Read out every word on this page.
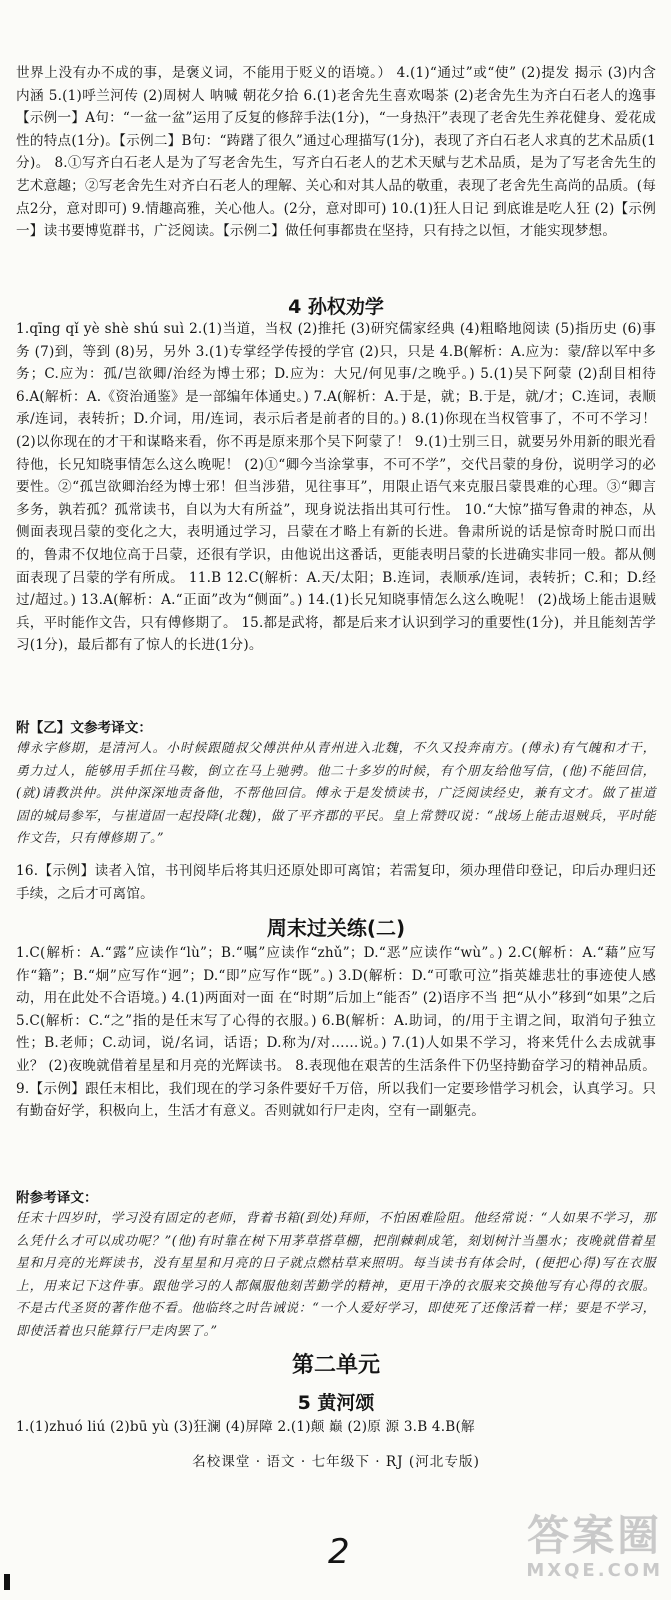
世界上没有办不成的事，是褒义词，不能用于贬义的语境。） 4.(1)“通过”或“使” (2)提发 揭示 (3)内含 内涵 5.(1)呼兰河传 (2)周树人 呐喊 朝花夕拾 6.(1)老舍先生喜欢喝茶 (2)老舍先生为齐白石老人的逸事 【示例一】A句：“一盆一盆”运用了反复的修辞手法(1分)，“一身热汗”表现了老舍先生养花健身、爱花成性的特点(1分)。【示例二】B句：“踌躇了很久”通过心理描写(1分)，表现了齐白石老人求真的艺术品质(1分)。 8.①写齐白石老人是为了写老舍先生，写齐白石老人的艺术天赋与艺术品质，是为了写老舍先生的艺术意趣；②写老舍先生对齐白石老人的理解、关心和对其人品的敬重，表现了老舍先生高尚的品质。(每点2分，意对即可) 9.情趣高雅，关心他人。(2分，意对即可) 10.(1)狂人日记 到底谁是吃人狂 (2)【示例一】读书要博览群书，广泛阅读。【示例二】做任何事都贵在坚持，只有持之以恒，才能实现梦想。

4 孙权劝学

1.qīng qǐ yè shè shú suì 2.(1)当道，当权 (2)推托 (3)研究儒家经典 (4)粗略地阅读 (5)指历史 (6)事务 (7)到，等到 (8)另，另外 3.(1)专掌经学传授的学官 (2)只，只是 4.B(解析：A.应为：蒙/辞以军中多务；C.应为：孤/岂欲卿/治经为博士邪；D.应为：大兄/何见事/之晚乎。) 5.(1)吴下阿蒙 (2)刮目相待 6.A(解析：A.《资治通鉴》是一部编年体通史。) 7.A(解析：A.于是，就；B.于是，就/才；C.连词，表顺承/连词，表转折；D.介词，用/连词，表示后者是前者的目的。) 8.(1)你现在当权管事了，不可不学习！ (2)以你现在的才干和谋略来看，你不再是原来那个吴下阿蒙了！ 9.(1)士别三日，就要另外用新的眼光看待他，长兄知晓事情怎么这么晚呢！ (2)①“卿今当涂掌事，不可不学”，交代吕蒙的身份，说明学习的必要性。②“孤岂欲卿治经为博士邪！但当涉猎，见往事耳”，用限止语气来克服吕蒙畏难的心理。③“卿言多务，孰若孤？孤常读书，自以为大有所益”，现身说法指出其可行性。 10.“大惊”描写鲁肃的神态，从侧面表现吕蒙的变化之大，表明通过学习，吕蒙在才略上有新的长进。鲁肃所说的话是惊奇时脱口而出的，鲁肃不仅地位高于吕蒙，还很有学识，由他说出这番话，更能表明吕蒙的长进确实非同一般。都从侧面表现了吕蒙的学有所成。 11.B 12.C(解析：A.天/太阳；B.连词，表顺承/连词，表转折；C.和；D.经过/超过。) 13.A(解析：A.“正面”改为“侧面”。) 14.(1)长兄知晓事情怎么这么晚呢！ (2)战场上能击退贼兵，平时能作文告，只有傅修期了。 15.都是武将，都是后来才认识到学习的重要性(1分)，并且能刻苦学习(1分)，最后都有了惊人的长进(1分)。

附【乙】文参考译文：

傅永字修期，是清河人。小时候跟随叔父傅洪仲从青州进入北魏，不久又投奔南方。(傅永)有气魄和才干，勇力过人，能够用手抓住马鞍，倒立在马上驰骋。他二十多岁的时候，有个朋友给他写信，(他)不能回信，(就)请教洪仲。洪仲深深地责备他，不帮他回信。傅永于是发愤读书，广泛阅读经史，兼有文才。做了崔道固的城局参军，与崔道固一起投降(北魏)，做了平齐郡的平民。皇上常赞叹说：“战场上能击退贼兵，平时能作文告，只有傅修期了。”

16.【示例】读者入馆，书刊阅毕后将其归还原处即可离馆；若需复印，须办理借印登记，印后办理归还手续，之后才可离馆。

周末过关练(二)

1.C(解析：A.“露”应读作“lù”；B.“嘱”应读作“zhǔ”；D.“恶”应读作“wù”。) 2.C(解析：A.“藉”应写作“籍”；B.“炯”应写作“迥”；D.“即”应写作“既”。) 3.D(解析：D.“可歌可泣”指英雄悲壮的事迹使人感动，用在此处不合语境。) 4.(1)两面对一面 在“时期”后加上“能否” (2)语序不当 把“从小”移到“如果”之后 5.C(解析：C.“之”指的是任末写了心得的衣服。) 6.B(解析：A.助词，的/用于主谓之间，取消句子独立性；B.老师；C.动词，说/名词，话语；D.称为/对……说。) 7.(1)人如果不学习，将来凭什么去成就事业？ (2)夜晚就借着星星和月亮的光辉读书。 8.表现他在艰苦的生活条件下仍坚持勤奋学习的精神品质。 9.【示例】跟任末相比，我们现在的学习条件要好千万倍，所以我们一定要珍惜学习机会，认真学习。只有勤奋好学，积极向上，生活才有意义。否则就如行尸走肉，空有一副躯壳。

附参考译文：

任末十四岁时，学习没有固定的老师，背着书箱(到处)拜师，不怕困难险阻。他经常说：“人如果不学习，那么凭什么才可以成功呢？”(他)有时靠在树下用茅草搭草棚，把削棘刺成笔，刻划树汁当墨水；夜晚就借着星星和月亮的光辉读书，没有星星和月亮的日子就点燃枯草来照明。每当读书有体会时，(便把心得)写在衣服上，用来记下这件事。跟他学习的人都佩服他刻苦勤学的精神，更用干净的衣服来交换他写有心得的衣服。不是古代圣贤的著作他不看。他临终之时告诫说：“一个人爱好学习，即使死了还像活着一样；要是不学习，即使活着也只能算行尸走肉罢了。”

第二单元
5 黄河颂

1.(1)zhuó liú (2)bū yù (3)狂澜 (4)屏障 2.(1)颠 巅 (2)原 源 3.B 4.B(解

名校课堂 · 语文 · 七年级下 · RJ (河北专版)
2	答案圈
MXQE.COM
